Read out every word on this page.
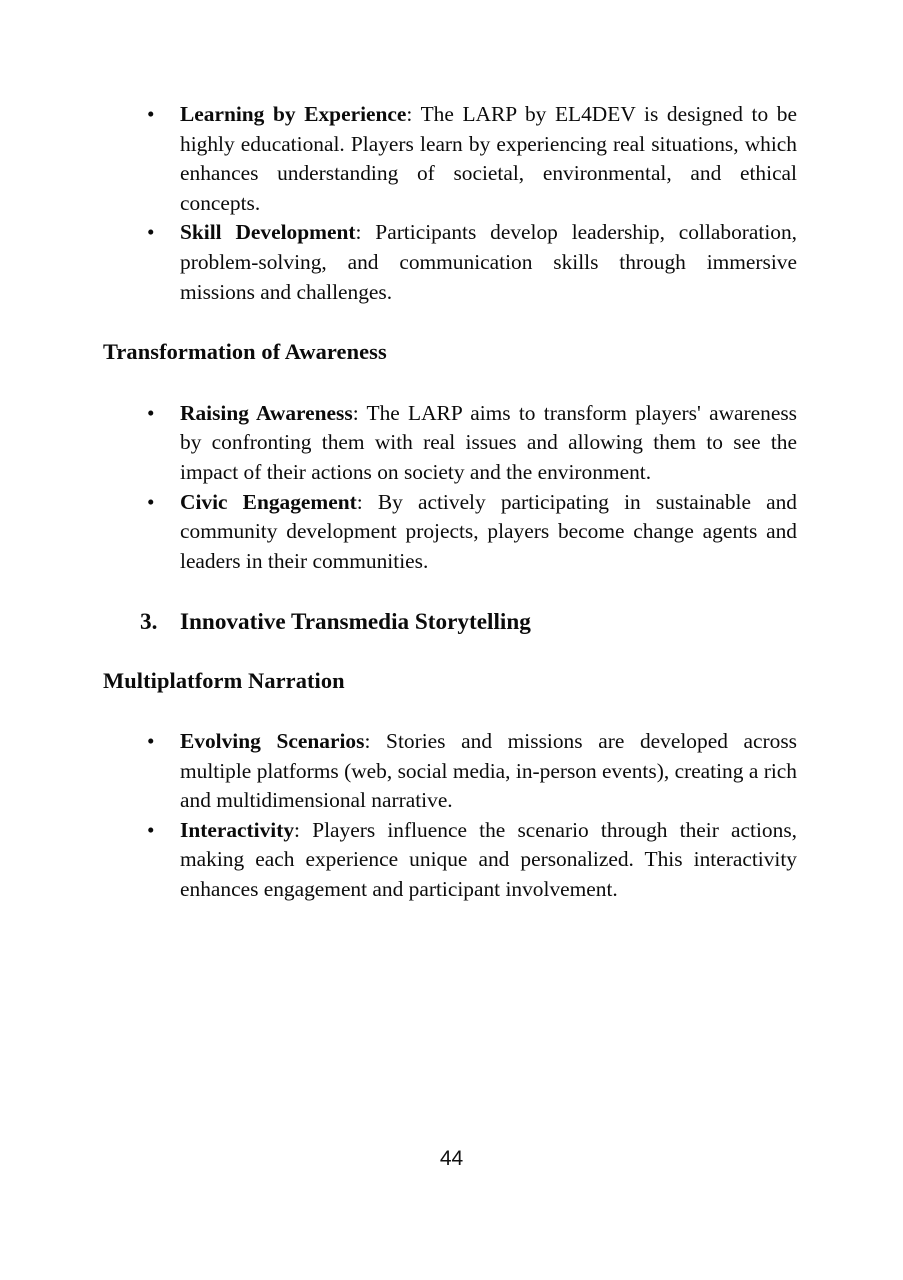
• Learning by Experience: The LARP by EL4DEV is designed to be highly educational. Players learn by experiencing real situations, which enhances understanding of societal, environmental, and ethical concepts.
• Skill Development: Participants develop leadership, collaboration, problem-solving, and communication skills through immersive missions and challenges.
Transformation of Awareness
• Raising Awareness: The LARP aims to transform players' awareness by confronting them with real issues and allowing them to see the impact of their actions on society and the environment.
• Civic Engagement: By actively participating in sustainable and community development projects, players become change agents and leaders in their communities.
3. Innovative Transmedia Storytelling
Multiplatform Narration
• Evolving Scenarios: Stories and missions are developed across multiple platforms (web, social media, in-person events), creating a rich and multidimensional narrative.
• Interactivity: Players influence the scenario through their actions, making each experience unique and personalized. This interactivity enhances engagement and participant involvement.
44
